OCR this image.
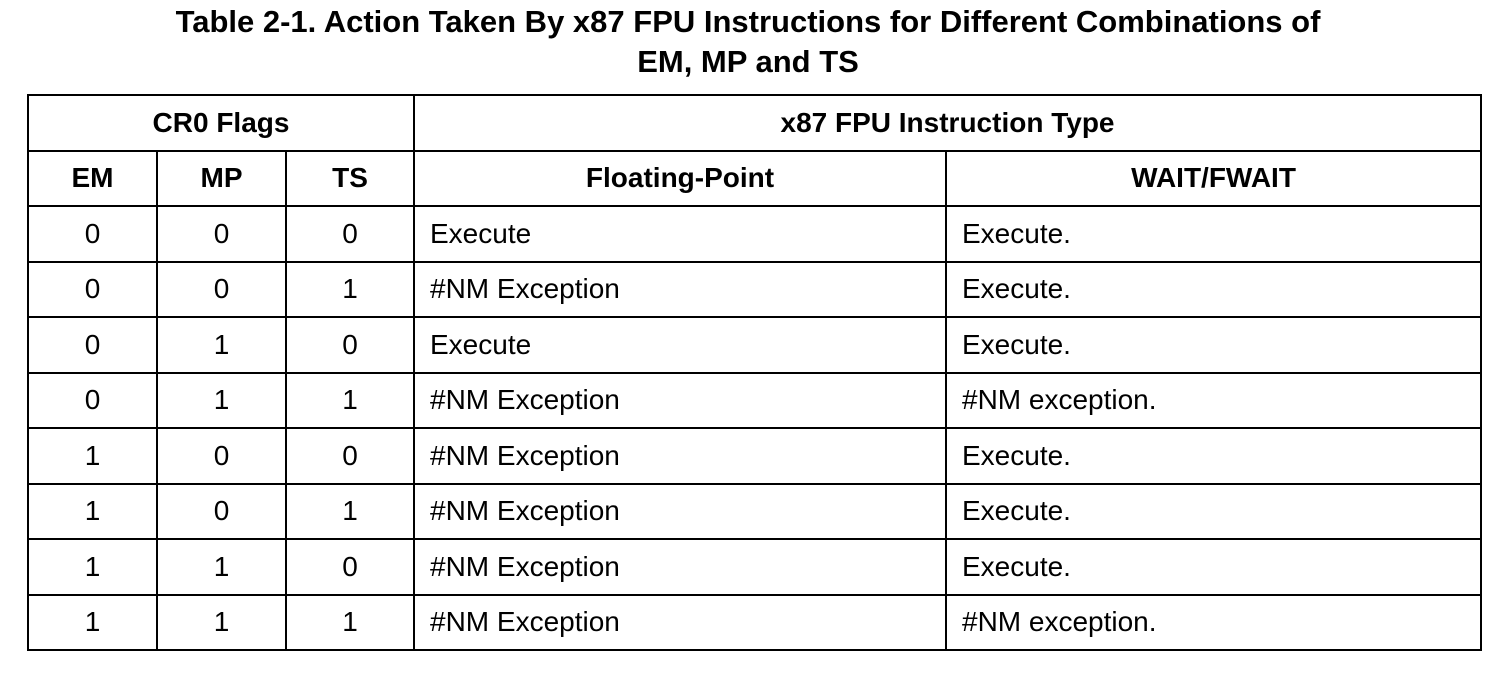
Table 2-1. Action Taken By x87 FPU Instructions for Different Combinations of
EM, MP and TS
CR0 Flags			x87 FPU Instruction Type	
EM	MP	TS	Floating-Point	WAIT/FWAIT
0	0	0	Execute	Execute.
0	0	1	#NM Exception	Execute.
0	1	0	Execute	Execute.
0	1	1	#NM Exception	#NM exception.
1	0	0	#NM Exception	Execute.
1	0	1	#NM Exception	Execute.
1	1	0	#NM Exception	Execute.
1	1	1	#NM Exception	#NM exception.
